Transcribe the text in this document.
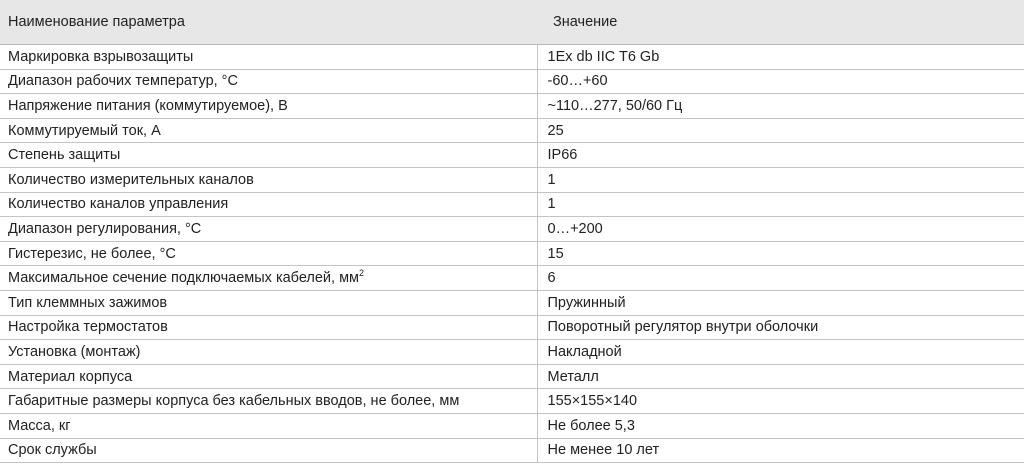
Наименование параметра	Значение
Маркировка взрывозащиты	1Ex db IIC T6 Gb
Диапазон рабочих температур, °С	-60…+60
Напряжение питания (коммутируемое), В	~110…277, 50/60 Гц
Коммутируемый ток, А	25
Степень защиты	IP66
Количество измерительных каналов	1
Количество каналов управления	1
Диапазон регулирования, °С	0…+200
Гистерезис, не более, °С	15
Максимальное сечение подключаемых кабелей, $мм^2$	6
Тип клеммных зажимов	Пружинный
Настройка термостатов	Поворотный регулятор внутри оболочки
Установка (монтаж)	Накладной
Материал корпуса	Металл
Габаритные размеры корпуса без кабельных вводов, не более, мм	155×155×140
Масса, кг	Не более 5,3
Срок службы	Не менее 10 лет
